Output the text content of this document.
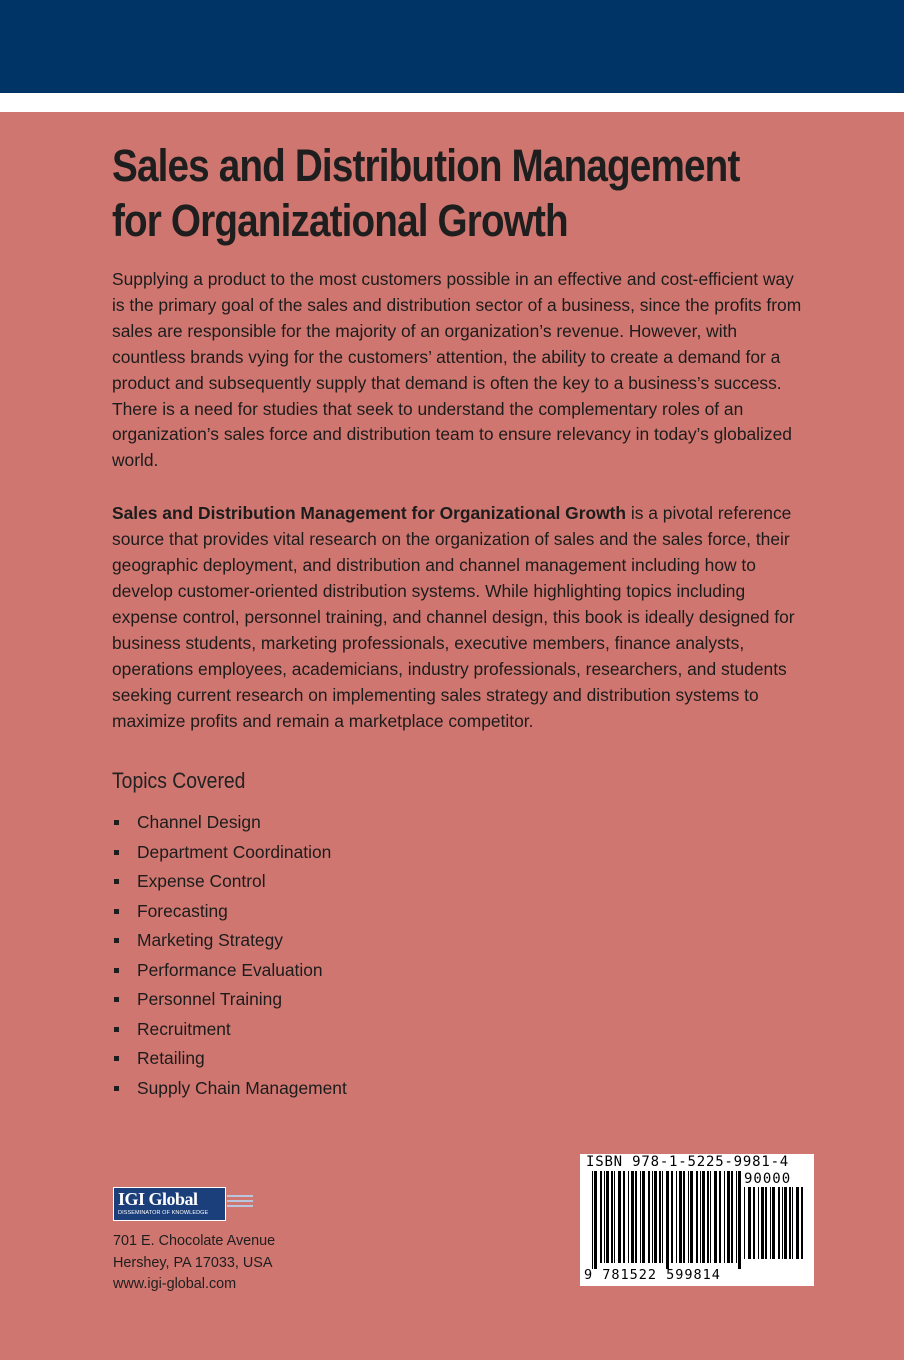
Sales and Distribution Management
for Organizational Growth

Supplying a product to the most customers possible in an effective and cost-efficient way is the primary goal of the sales and distribution sector of a business, since the profits from sales are responsible for the majority of an organization’s revenue. However, with countless brands vying for the customers’ attention, the ability to create a demand for a product and subsequently supply that demand is often the key to a business’s success. There is a need for studies that seek to understand the complementary roles of an organization’s sales force and distribution team to ensure relevancy in today’s globalized world.

Sales and Distribution Management for Organizational Growth is a pivotal reference source that provides vital research on the organization of sales and the sales force, their geographic deployment, and distribution and channel management including how to develop customer-oriented distribution systems. While highlighting topics including expense control, personnel training, and channel design, this book is ideally designed for business students, marketing professionals, executive members, finance analysts, operations employees, academicians, industry professionals, researchers, and students seeking current research on implementing sales strategy and distribution systems to maximize profits and remain a marketplace competitor.

Topics Covered
Channel Design
Department Coordination
Expense Control
Forecasting
Marketing Strategy
Performance Evaluation
Personnel Training
Recruitment
Retailing
Supply Chain Management
IGI Global
DISSEMINATOR OF KNOWLEDGE
701 E. Chocolate Avenue
Hershey, PA 17033, USA
www.igi-global.com
ISBN 978-1-5225-9981-4
90000
9 781522 599814
